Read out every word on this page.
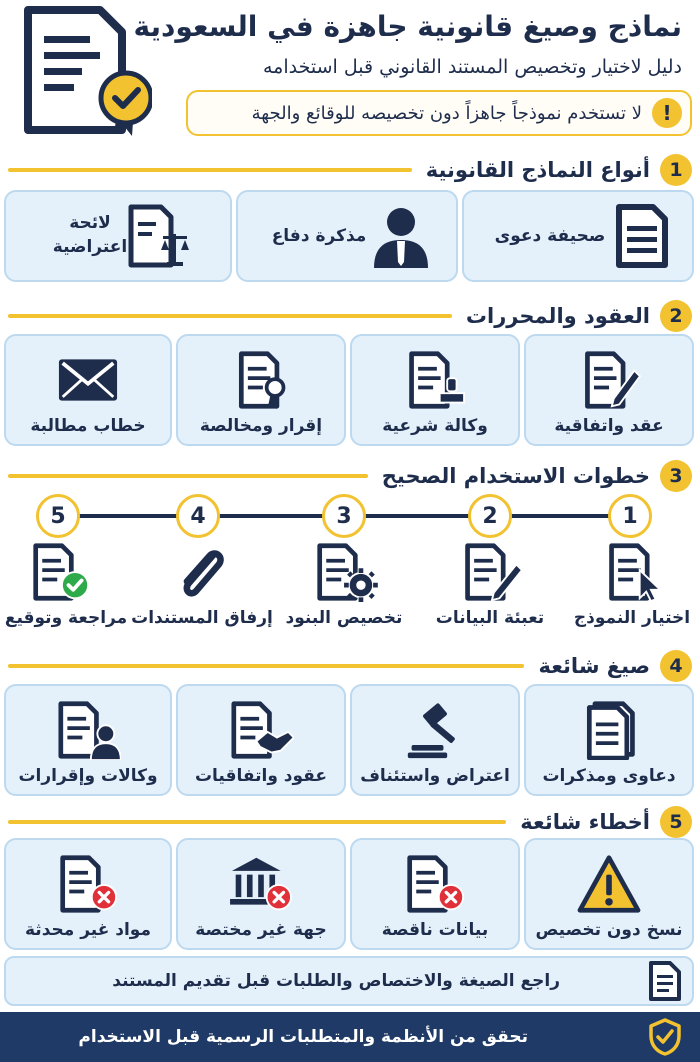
نماذج وصيغ قانونية جاهزة في السعودية
دليل لاختيار وتخصيص المستند القانوني قبل استخدامه
!
لا تستخدم نموذجاً جاهزاً دون تخصيصه للوقائع والجهة
1
أنواع النماذج القانونية
صحيفة دعوى
مذكرة دفاع
لائحة
اعتراضية
2
العقود والمحررات
عقد واتفاقية
وكالة شرعية
إقرار ومخالصة
خطاب مطالبة
3
خطوات الاستخدام الصحيح
1
2
3
4
5
اختيار النموذج
تعبئة البيانات
تخصيص البنود
إرفاق المستندات
مراجعة وتوقيع
4
صيغ شائعة
دعاوى ومذكرات
اعتراض واستئناف
عقود واتفاقيات
وكالات وإقرارات
5
أخطاء شائعة
نسخ دون تخصيص
بيانات ناقصة
جهة غير مختصة
مواد غير محدثة
راجع الصيغة والاختصاص والطلبات قبل تقديم المستند
تحقق من الأنظمة والمتطلبات الرسمية قبل الاستخدام
